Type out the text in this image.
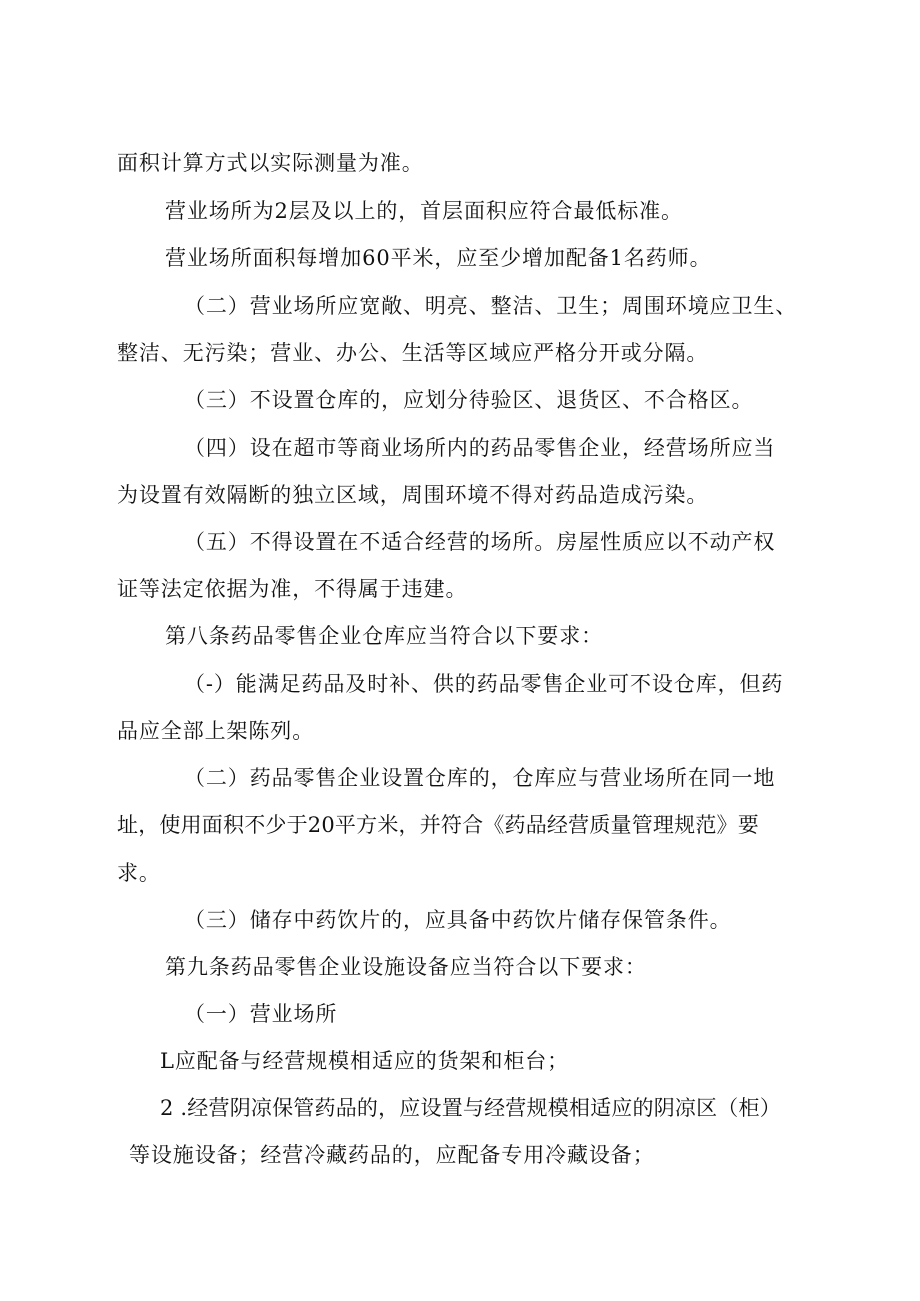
面积计算方式以实际测量为准。
营业场所为2层及以上的，首层面积应符合最低标准。
营业场所面积每增加60平米，应至少增加配备1名药师。
（二）营业场所应宽敞、明亮、整洁、卫生；周围环境应卫生、
整洁、无污染；营业、办公、生活等区域应严格分开或分隔。
（三）不设置仓库的，应划分待验区、退货区、不合格区。
（四）设在超市等商业场所内的药品零售企业，经营场所应当
为设置有效隔断的独立区域，周围环境不得对药品造成污染。
（五）不得设置在不适合经营的场所。房屋性质应以不动产权
证等法定依据为准，不得属于违建。
第八条药品零售企业仓库应当符合以下要求：
（-）能满足药品及时补、供的药品零售企业可不设仓库，但药
品应全部上架陈列。
（二）药品零售企业设置仓库的，仓库应与营业场所在同一地
址，使用面积不少于20平方米，并符合《药品经营质量管理规范》要
求。
（三）储存中药饮片的，应具备中药饮片储存保管条件。
第九条药品零售企业设施设备应当符合以下要求：
（一）营业场所
L应配备与经营规模相适应的货架和柜台；
2 .经营阴凉保管药品的，应设置与经营规模相适应的阴凉区（柜）
等设施设备；经营冷藏药品的，应配备专用冷藏设备；
